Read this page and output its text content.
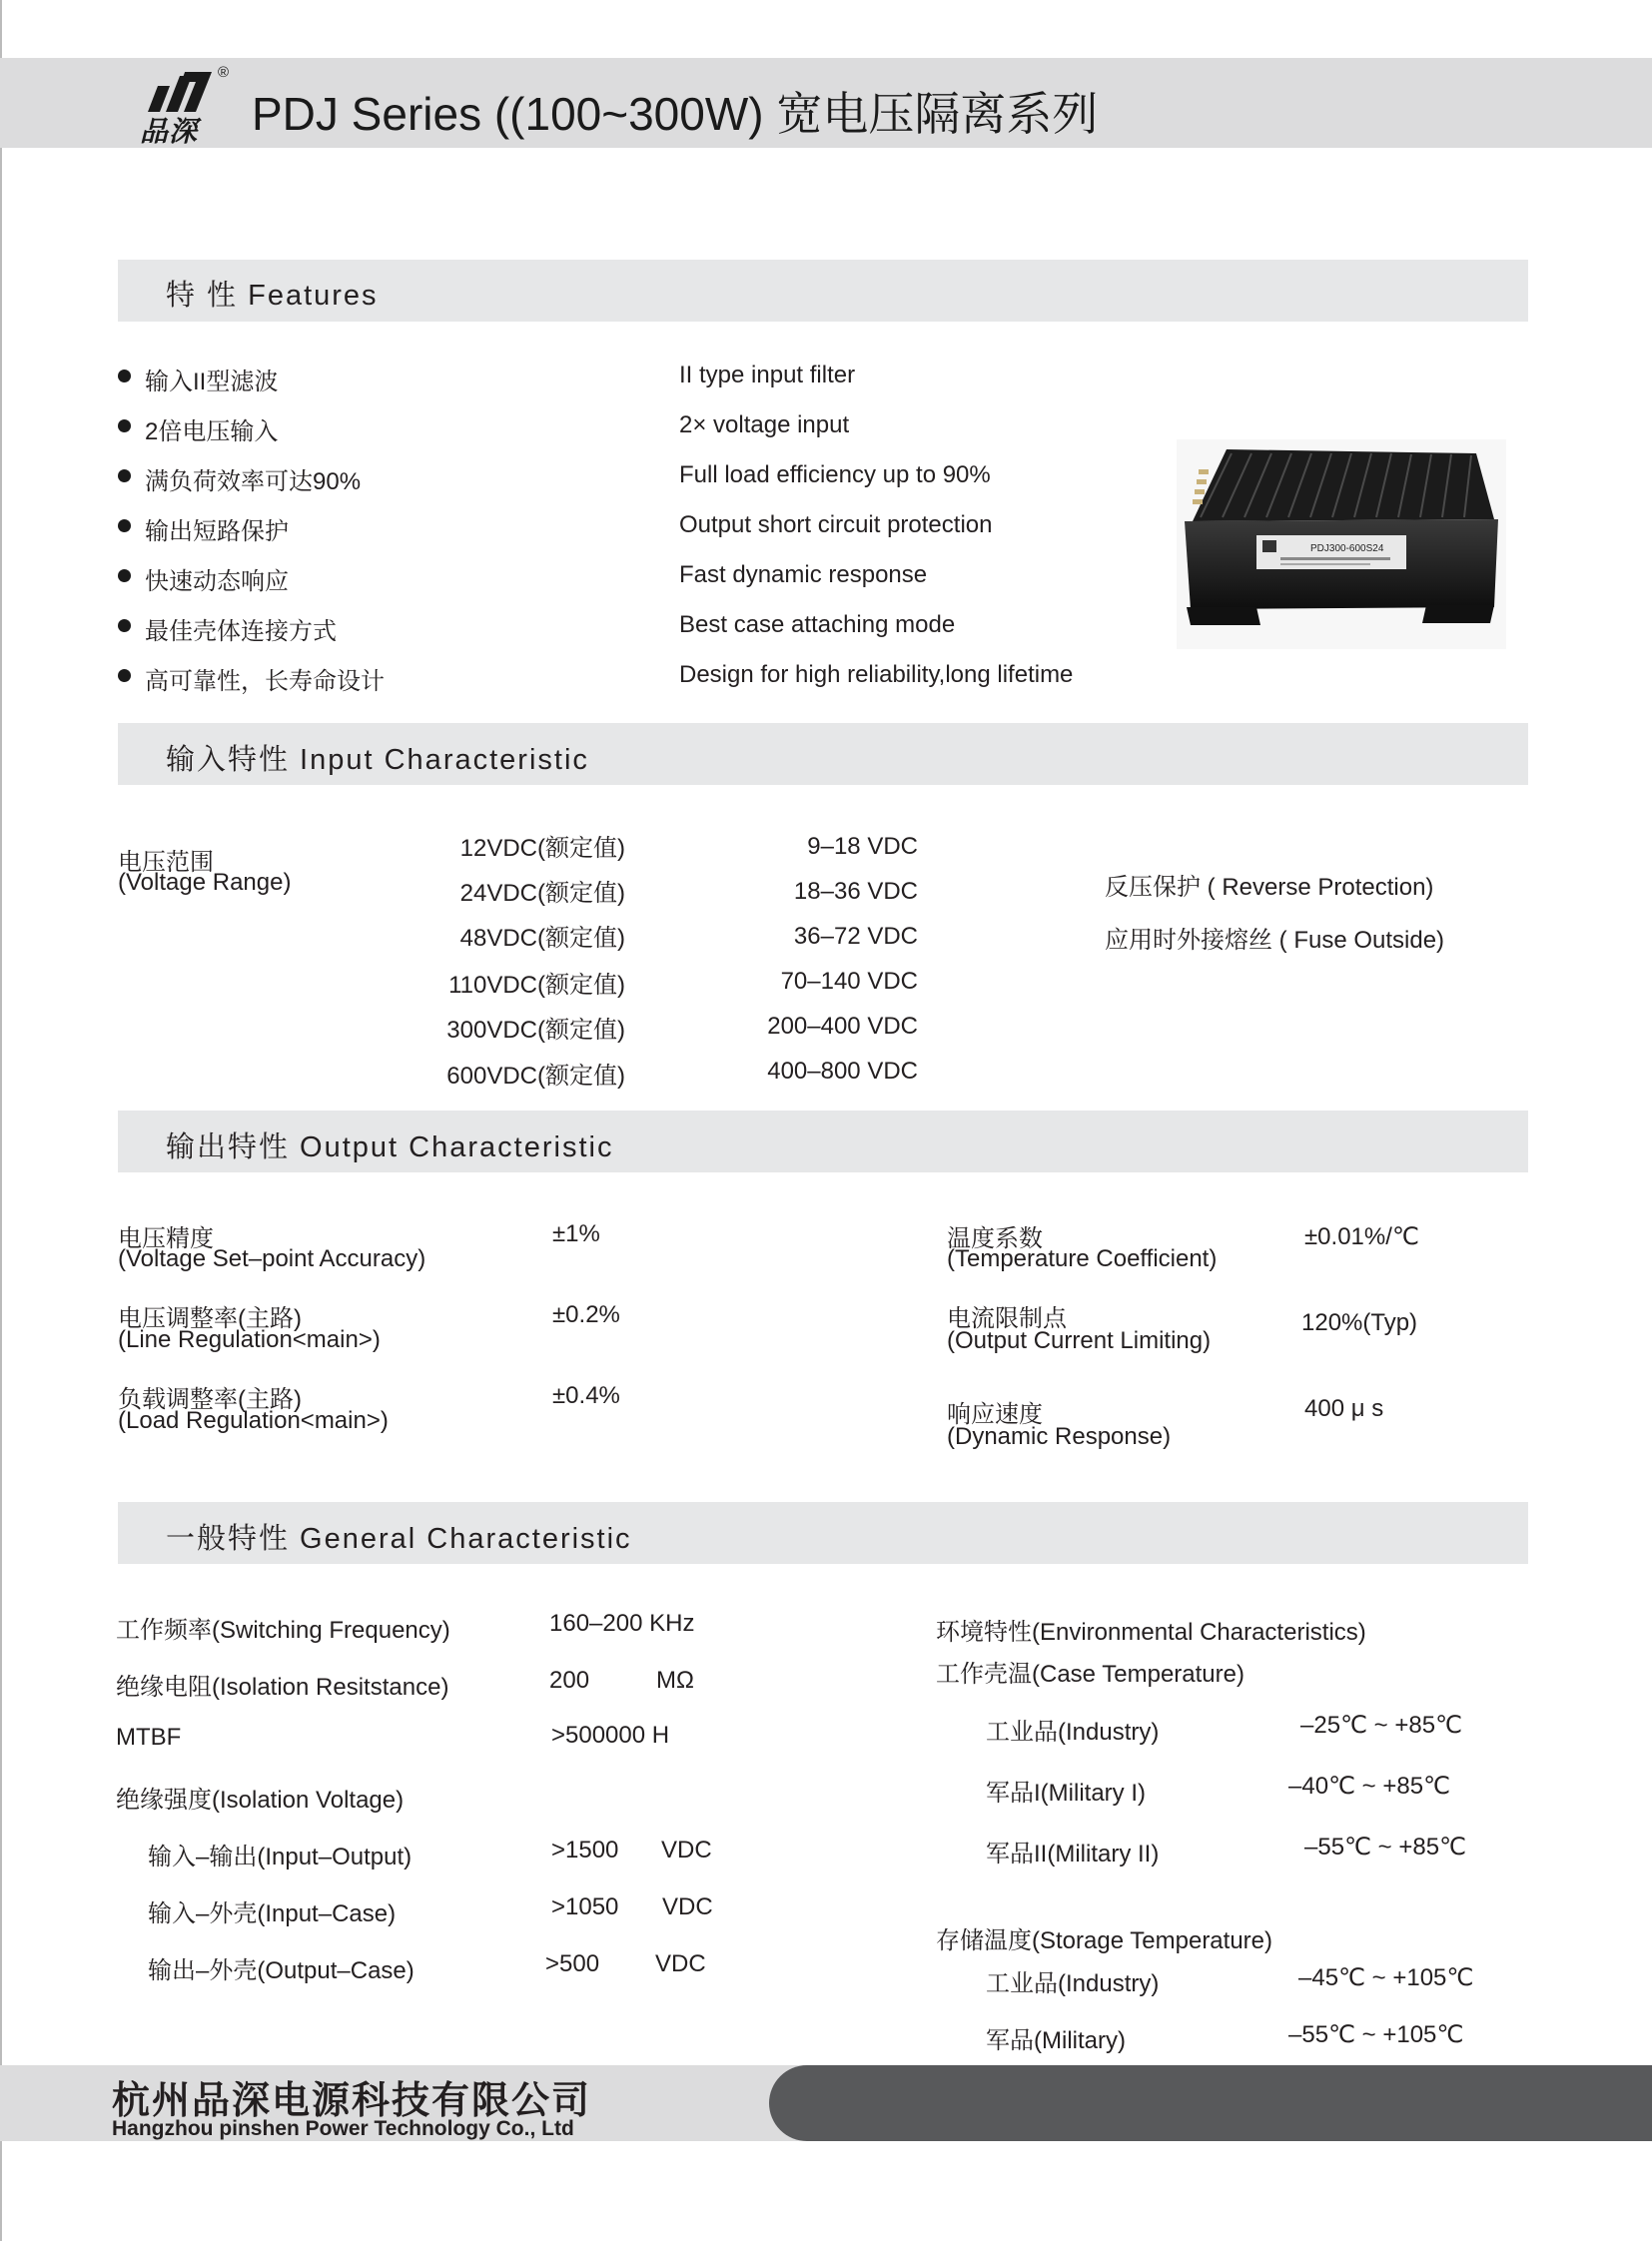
®
品深 PDJ Series ((100~300W) 宽电压隔离系列
特 性 Features
输入II型滤波	II type input filter
2倍电压输入	2× voltage input
满负荷效率可达90%	Full load efficiency up to 90%
输出短路保护	Output short circuit protection
快速动态响应	Fast dynamic response
最佳壳体连接方式	Best case attaching mode
高可靠性，长寿命设计	Design for high reliability,long lifetime
PDJ300-600S24
输入特性 Input Characteristic
电压范围
(Voltage Range)
12VDC(额定值)	9–18 VDC
24VDC(额定值)	18–36 VDC
48VDC(额定值)	36–72 VDC
110VDC(额定值)	70–140 VDC
300VDC(额定值)	200–400 VDC
600VDC(额定值)	400–800 VDC
反压保护 ( Reverse Protection)
应用时外接熔丝 ( Fuse Outside)
输出特性 Output Characteristic
电压精度
(Voltage Set–point Accuracy)
±1%
电压调整率(主路)
(Line Regulation<main>)
±0.2%
负载调整率(主路)
(Load Regulation<main>)
±0.4%
温度系数
(Temperature Coefficient)
±0.01%/℃
电流限制点
(Output Current Limiting)
120%(Typ)
响应速度
(Dynamic Response)
400 μ s
一般特性 General Characteristic
工作频率(Switching Frequency)	160–200 KHz
绝缘电阻(Isolation Resitstance)	200	MΩ
MTBF	>500000 H
绝缘强度(Isolation Voltage)
输入–输出(Input–Output)	>1500 VDC
输入–外壳(Input–Case)	>1050 VDC
输出–外壳(Output–Case)	>500 VDC
环境特性(Environmental Characteristics)
工作壳温(Case Temperature)
工业品(Industry)	–25℃ ~ +85℃
军品I(Military I)	–40℃ ~ +85℃
军品II(Military II)	–55℃ ~ +85℃
存储温度(Storage Temperature)
工业品(Industry)	–45℃ ~ +105℃
军品(Military)	–55℃ ~ +105℃
杭州品深电源科技有限公司
Hangzhou pinshen Power Technology Co., Ltd
